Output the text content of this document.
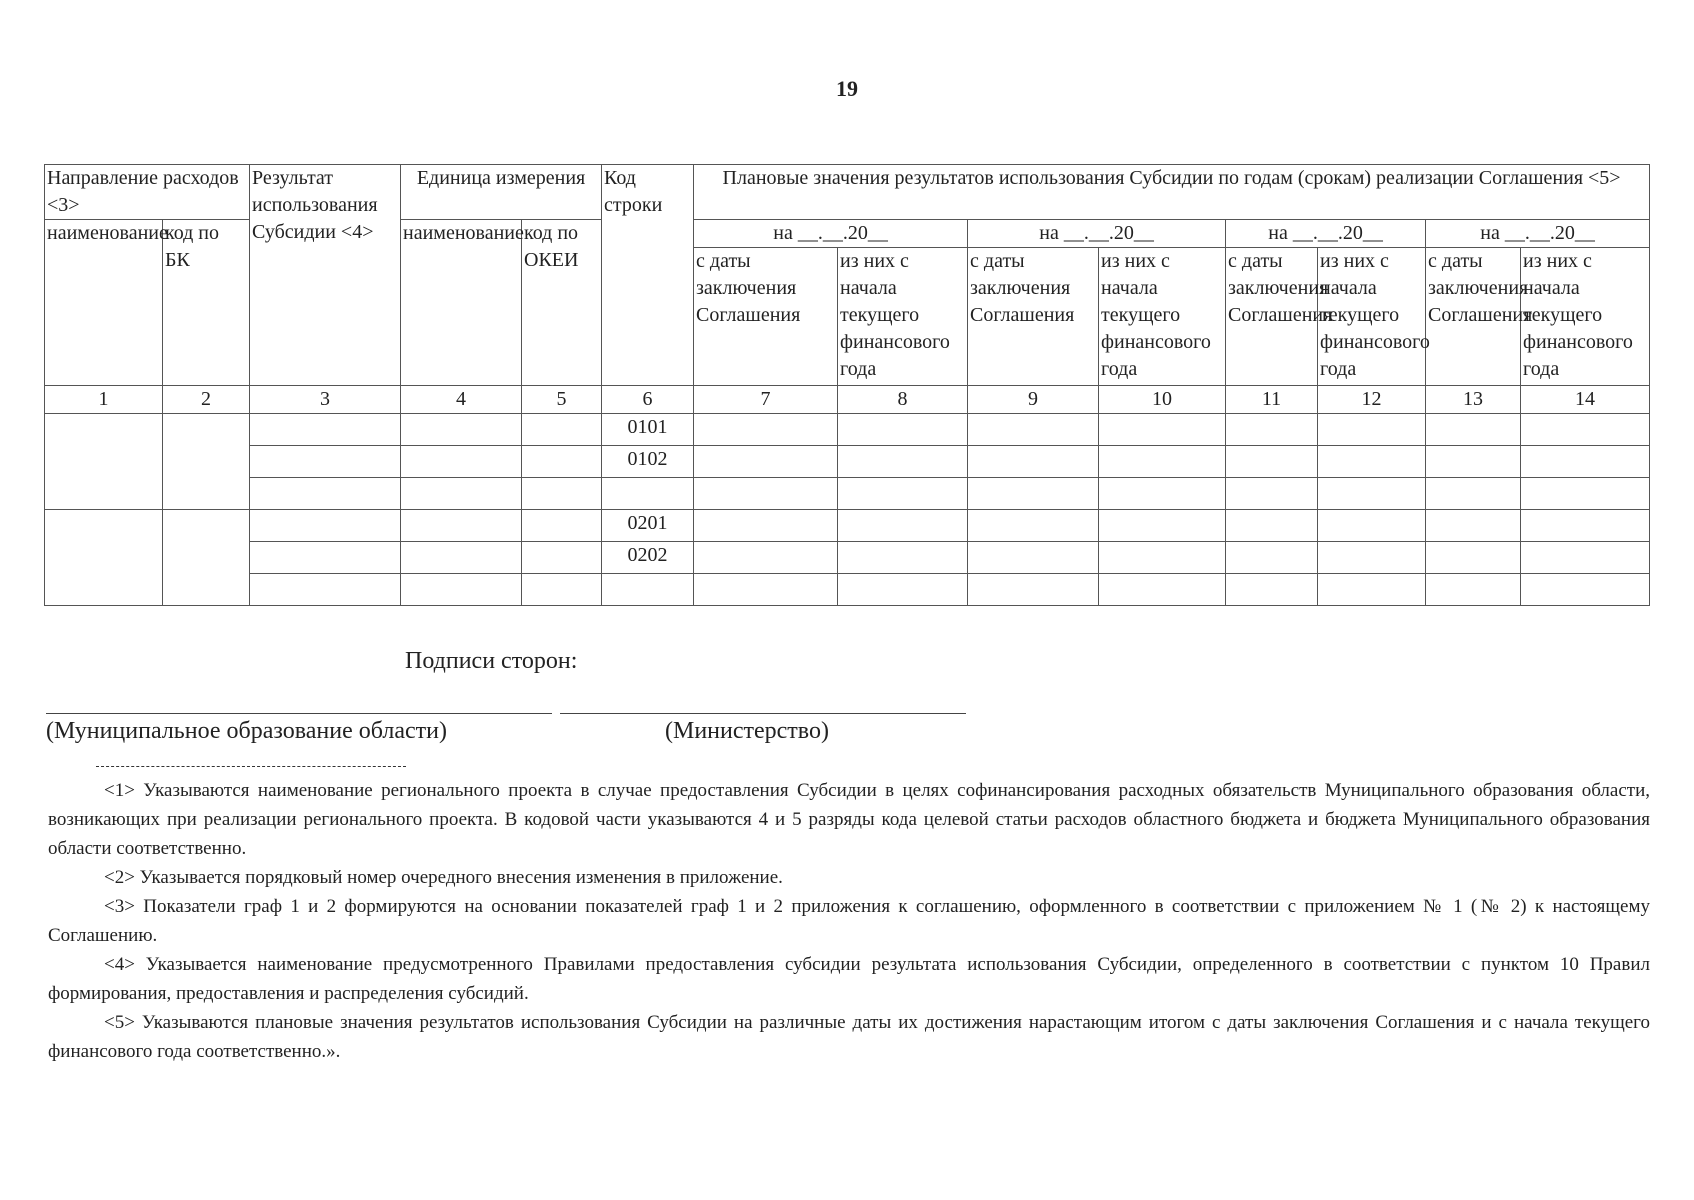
19
Направление расходов <3>		Результат использования Субсидии <4>	Единица измерения		Код строки	Плановые значения результатов использования Субсидии по годам (срокам) реализации Соглашения <5>							
наименование	код по БК		наименование	код по ОКЕИ		на __.__.20__		на __.__.20__		на __.__.20__		на __.__.20__	
						с даты заключения Соглашения	из них с начала текущего финансового года	с даты заключения Соглашения	из них с начала текущего финансового года	с даты заключения Соглашения	из них с начала текущего финансового года	с даты заключения Соглашения	из них с начала текущего финансового года
1	2	3	4	5	6	7	8	9	10	11	12	13	14
					0101								
					0102								

					0201								
					0202								

Подписи сторон:
(Муниципальное образование области)	(Министерство)

<1> Указываются наименование регионального проекта в случае предоставления Субсидии в целях софинансирования расходных обязательств Муниципального образования области, возникающих при реализации регионального проекта. В кодовой части указываются 4 и 5 разряды кода целевой статьи расходов областного бюджета и бюджета Муниципального образования области соответственно.

<2> Указывается порядковый номер очередного внесения изменения в приложение.

<3> Показатели граф 1 и 2 формируются на основании показателей граф 1 и 2 приложения к соглашению, оформленного в соответствии с приложением № 1 (№ 2) к настоящему Соглашению.

<4> Указывается наименование предусмотренного Правилами предоставления субсидии результата использования Субсидии, определенного в соответствии с пунктом 10 Правил формирования, предоставления и распределения субсидий.

<5> Указываются плановые значения результатов использования Субсидии на различные даты их достижения нарастающим итогом с даты заключения Соглашения и с начала текущего финансового года соответственно.».
